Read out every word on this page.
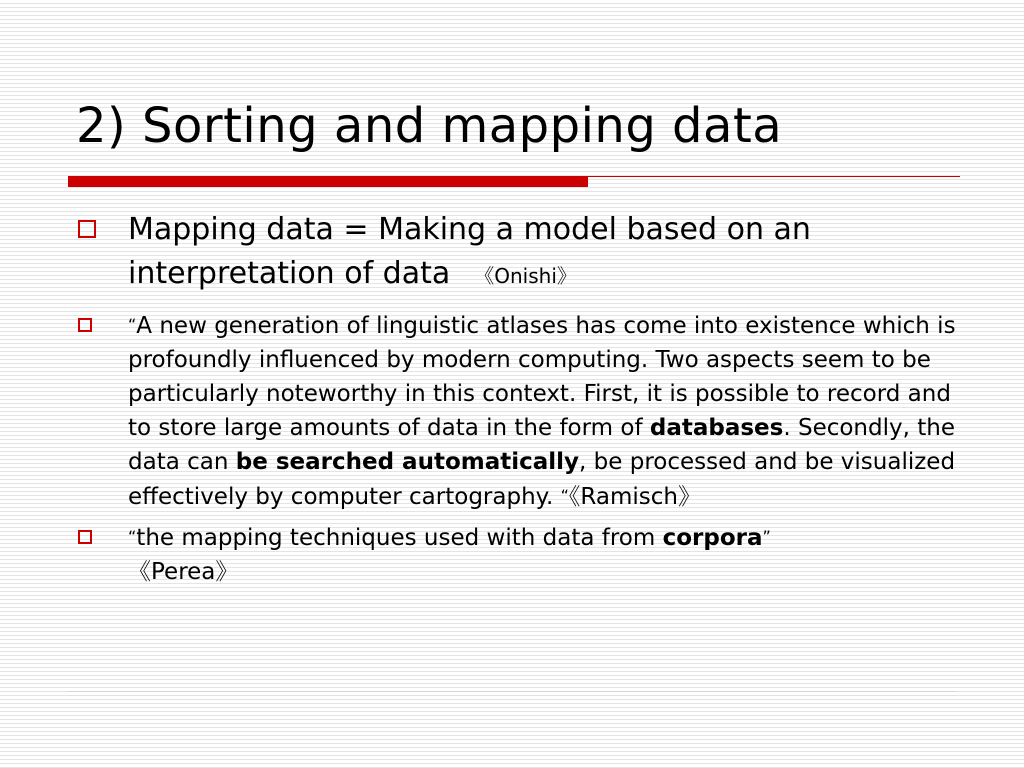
2) Sorting and mapping data
Mapping data = Making a model based on an interpretation of data 《Onishi》
“A new generation of linguistic atlases has come into existence which is profoundly influenced by modern computing. Two aspects seem to be particularly noteworthy in this context. First, it is possible to record and to store large amounts of data in the form of databases. Secondly, the data can be searched automatically, be processed and be visualized effectively by computer cartography. “《Ramisch》
“the mapping techniques used with data from corpora”
《Perea》
